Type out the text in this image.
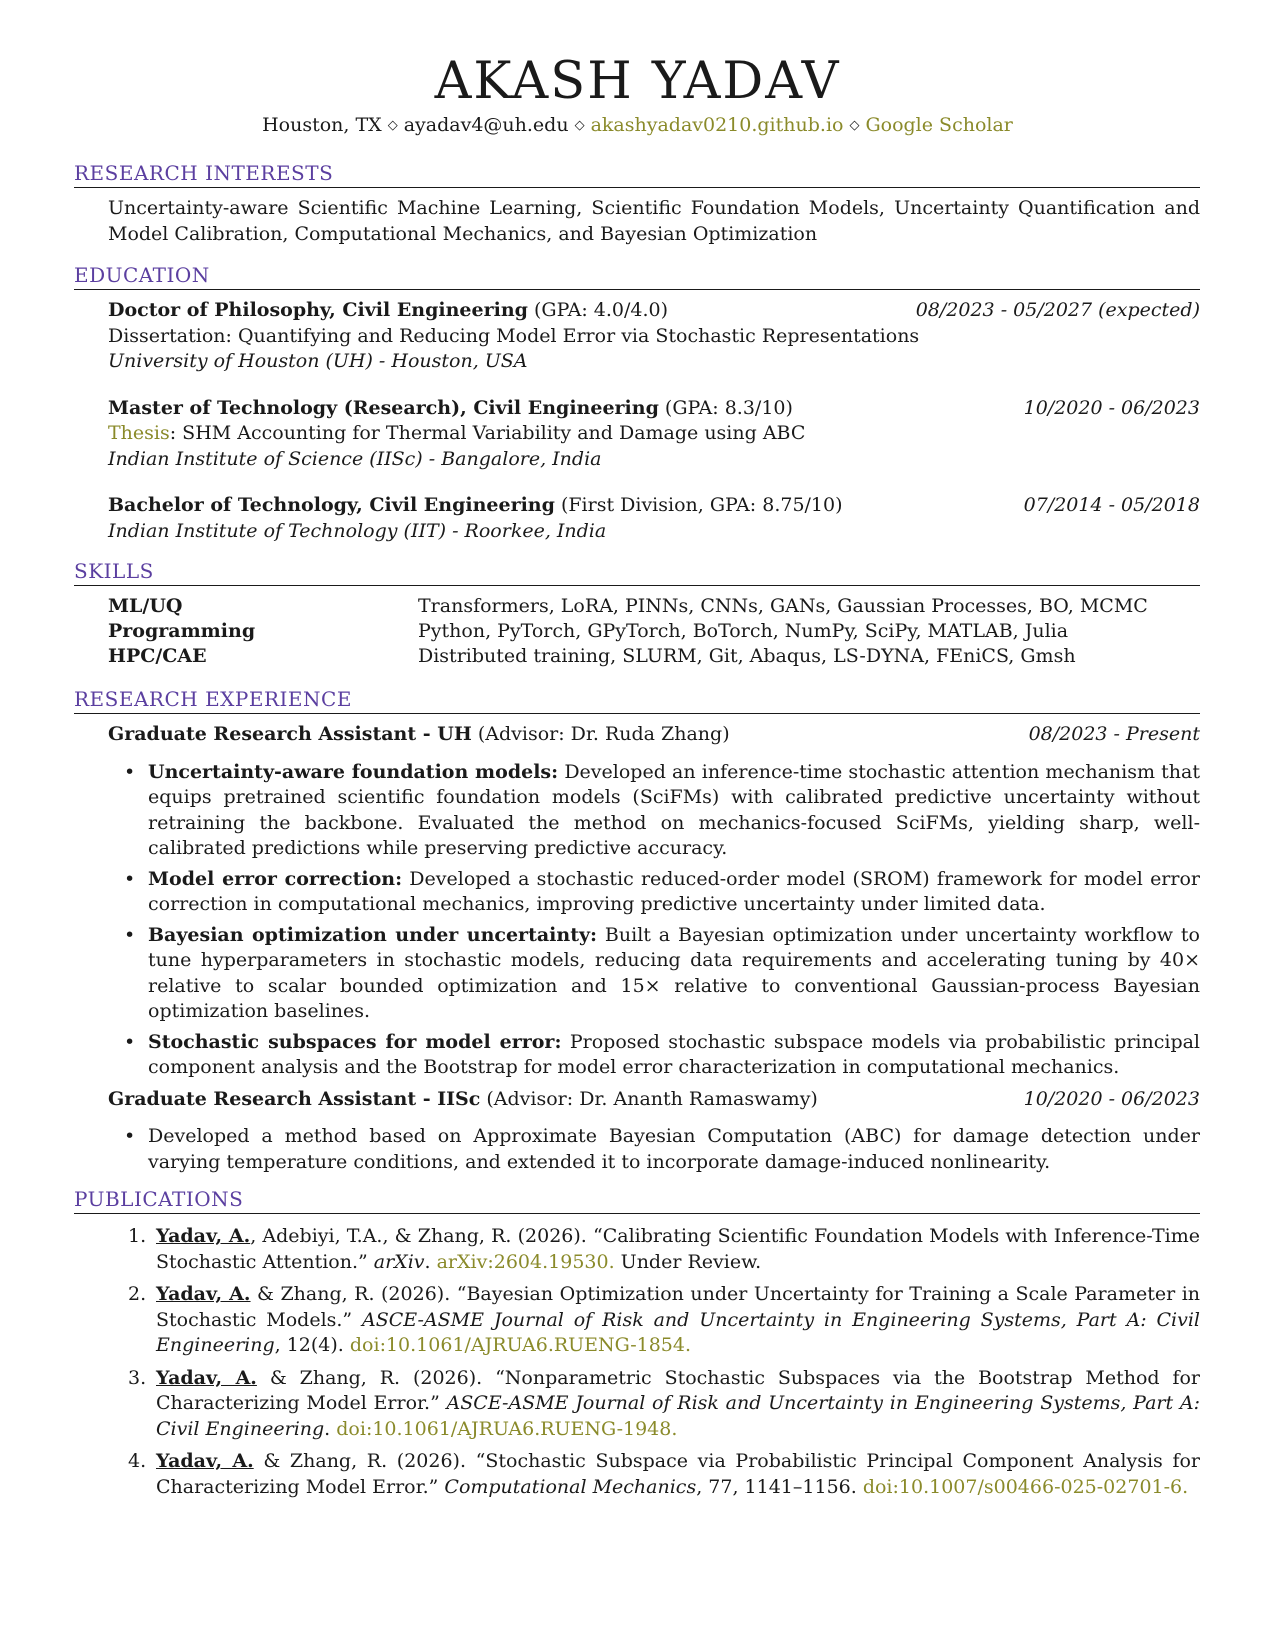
AKASH YADAV
Houston, TX ◇ ayadav4@uh.edu ◇ akashyadav0210.github.io ◇ Google Scholar
RESEARCH INTERESTS
Uncertainty-aware Scientific Machine Learning, Scientific Foundation Models, Uncertainty Quantification and Model Calibration, Computational Mechanics, and Bayesian Optimization
EDUCATION
Doctor of Philosophy, Civil Engineering (GPA: 4.0/4.0)	08/2023 - 05/2027 (expected)
Dissertation: Quantifying and Reducing Model Error via Stochastic Representations
University of Houston (UH) - Houston, USA
Master of Technology (Research), Civil Engineering (GPA: 8.3/10)	10/2020 - 06/2023
Thesis: SHM Accounting for Thermal Variability and Damage using ABC
Indian Institute of Science (IISc) - Bangalore, India
Bachelor of Technology, Civil Engineering (First Division, GPA: 8.75/10)	07/2014 - 05/2018
Indian Institute of Technology (IIT) - Roorkee, India
SKILLS
ML/UQ	Transformers, LoRA, PINNs, CNNs, GANs, Gaussian Processes, BO, MCMC
Programming	Python, PyTorch, GPyTorch, BoTorch, NumPy, SciPy, MATLAB, Julia
HPC/CAE	Distributed training, SLURM, Git, Abaqus, LS-DYNA, FEniCS, Gmsh
RESEARCH EXPERIENCE
Graduate Research Assistant - UH (Advisor: Dr. Ruda Zhang)	08/2023 - Present
• Uncertainty-aware foundation models: Developed an inference-time stochastic attention mechanism that equips pretrained scientific foundation models (SciFMs) with calibrated predictive uncertainty without retraining the backbone. Evaluated the method on mechanics-focused SciFMs, yielding sharp, well-calibrated predictions while preserving predictive accuracy.
• Model error correction: Developed a stochastic reduced-order model (SROM) framework for model error correction in computational mechanics, improving predictive uncertainty under limited data.
• Bayesian optimization under uncertainty: Built a Bayesian optimization under uncertainty workflow to tune hyperparameters in stochastic models, reducing data requirements and accelerating tuning by 40× relative to scalar bounded optimization and 15× relative to conventional Gaussian-process Bayesian optimization baselines.
• Stochastic subspaces for model error: Proposed stochastic subspace models via probabilistic principal component analysis and the Bootstrap for model error characterization in computational mechanics.
Graduate Research Assistant - IISc (Advisor: Dr. Ananth Ramaswamy)	10/2020 - 06/2023
• Developed a method based on Approximate Bayesian Computation (ABC) for damage detection under varying temperature conditions, and extended it to incorporate damage-induced nonlinearity.
PUBLICATIONS
1. Yadav, A., Adebiyi, T.A., & Zhang, R. (2026). “Calibrating Scientific Foundation Models with Inference-Time Stochastic Attention.” arXiv. arXiv:2604.19530. Under Review.
2. Yadav, A. & Zhang, R. (2026). “Bayesian Optimization under Uncertainty for Training a Scale Parameter in Stochastic Models.” ASCE-ASME Journal of Risk and Uncertainty in Engineering Systems, Part A: Civil Engineering, 12(4). doi:10.1061/AJRUA6.RUENG-1854.
3. Yadav, A. & Zhang, R. (2026). “Nonparametric Stochastic Subspaces via the Bootstrap Method for Characterizing Model Error.” ASCE-ASME Journal of Risk and Uncertainty in Engineering Systems, Part A: Civil Engineering. doi:10.1061/AJRUA6.RUENG-1948.
4. Yadav, A. & Zhang, R. (2026). “Stochastic Subspace via Probabilistic Principal Component Analysis for Characterizing Model Error.” Computational Mechanics, 77, 1141–1156. doi:10.1007/s00466-025-02701-6.
